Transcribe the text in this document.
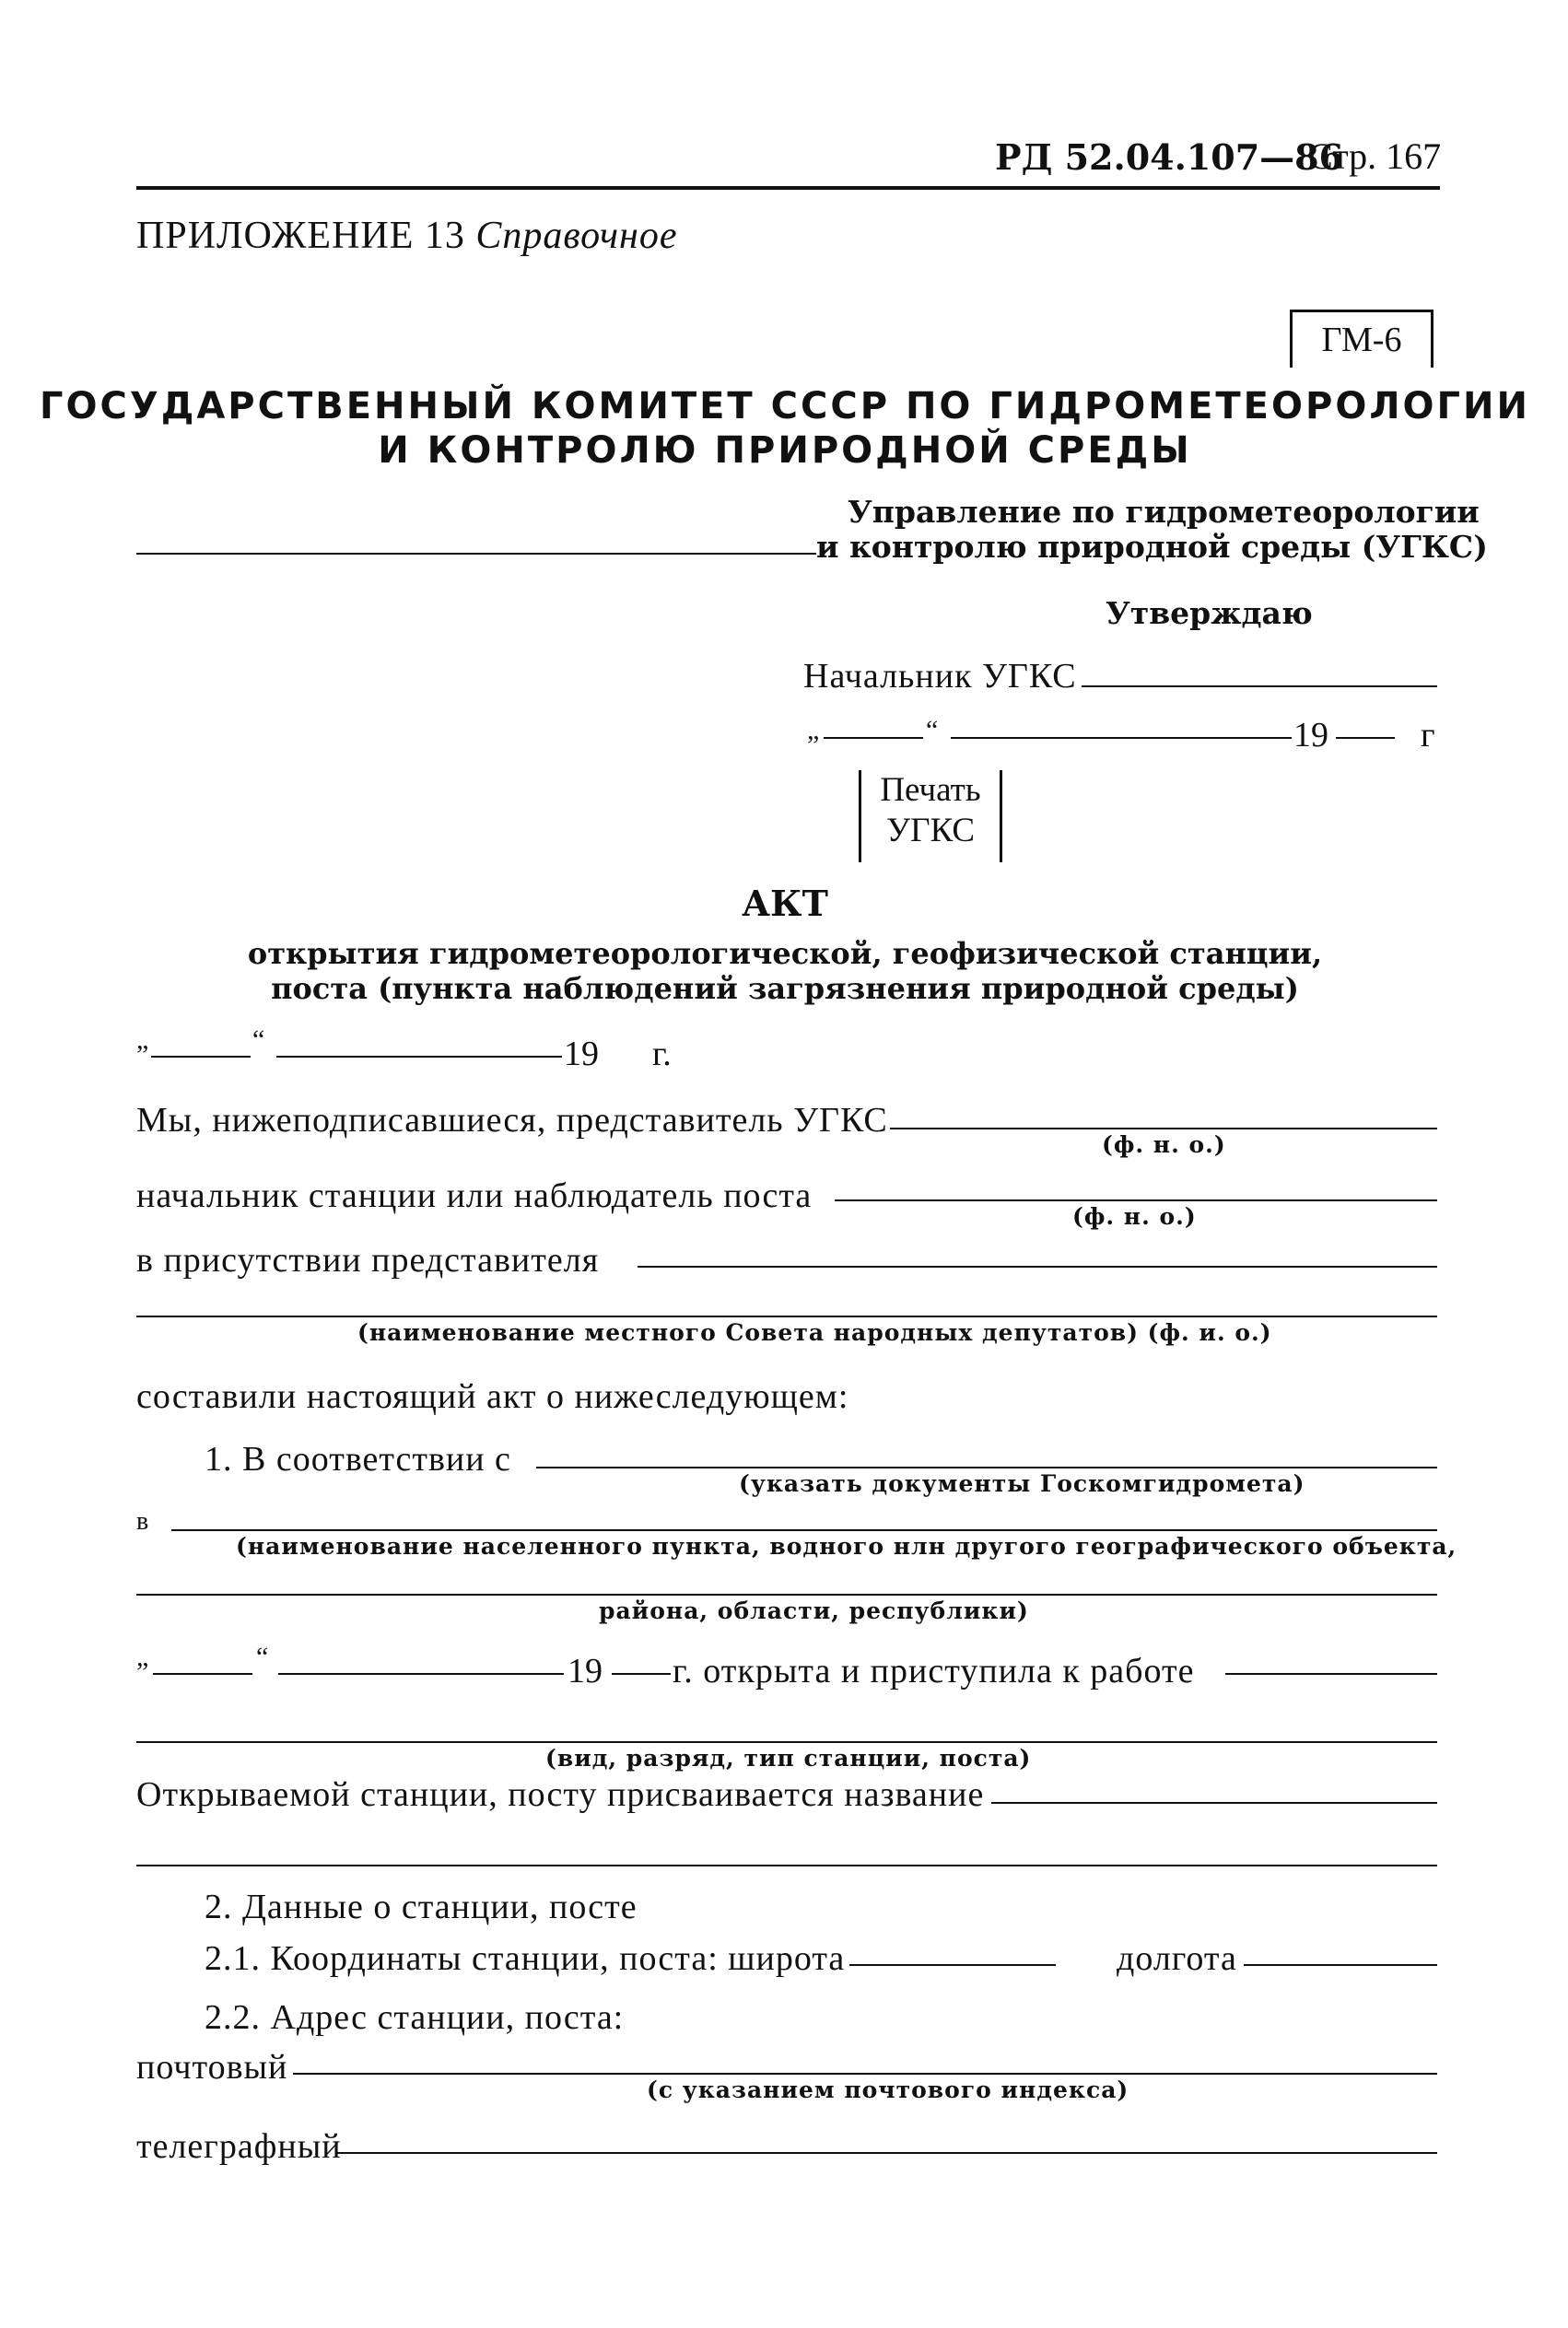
РД 52.04.107—86
Стр. 167
ПРИЛОЖЕНИЕ 13 Справочное
ГМ-6
ГОСУДАРСТВЕННЫЙ КОМИТЕТ СССР ПО ГИДРОМЕТЕОРОЛОГИИ
И КОНТРОЛЮ ПРИРОДНОЙ СРЕДЫ
Управление по гидрометеорологии
и контролю природной среды (УГКС)
Утверждаю
Начальник УГКС
„	“	19	г
Печать
УГКС
АКТ
открытия гидрометеорологической, геофизической станции,
поста (пункта наблюдений загрязнения природной среды)
„	“	19 г.
Мы, нижеподписавшиеся, представитель УГКС
(ф. н. о.)
начальник станции или наблюдатель поста
(ф. н. о.)
в присутствии представителя
(наименование местного Совета народных депутатов) (ф. и. о.)
составили настоящий акт о нижеследующем:
1. В соответствии с
(указать документы Госкомгидромета)
в
(наименование населенного пункта, водного нлн другого географического объекта,
района, области, республики)
„	“	19 г. открыта и приступила к работе
(вид, разряд, тип станции, поста)
Открываемой станции, посту присваивается название
2. Данные о станции, посте
2.1. Координаты станции, поста: широта	долгота
2.2. Адрес станции, поста:
почтовый
(с указанием почтового индекса)
телеграфный
